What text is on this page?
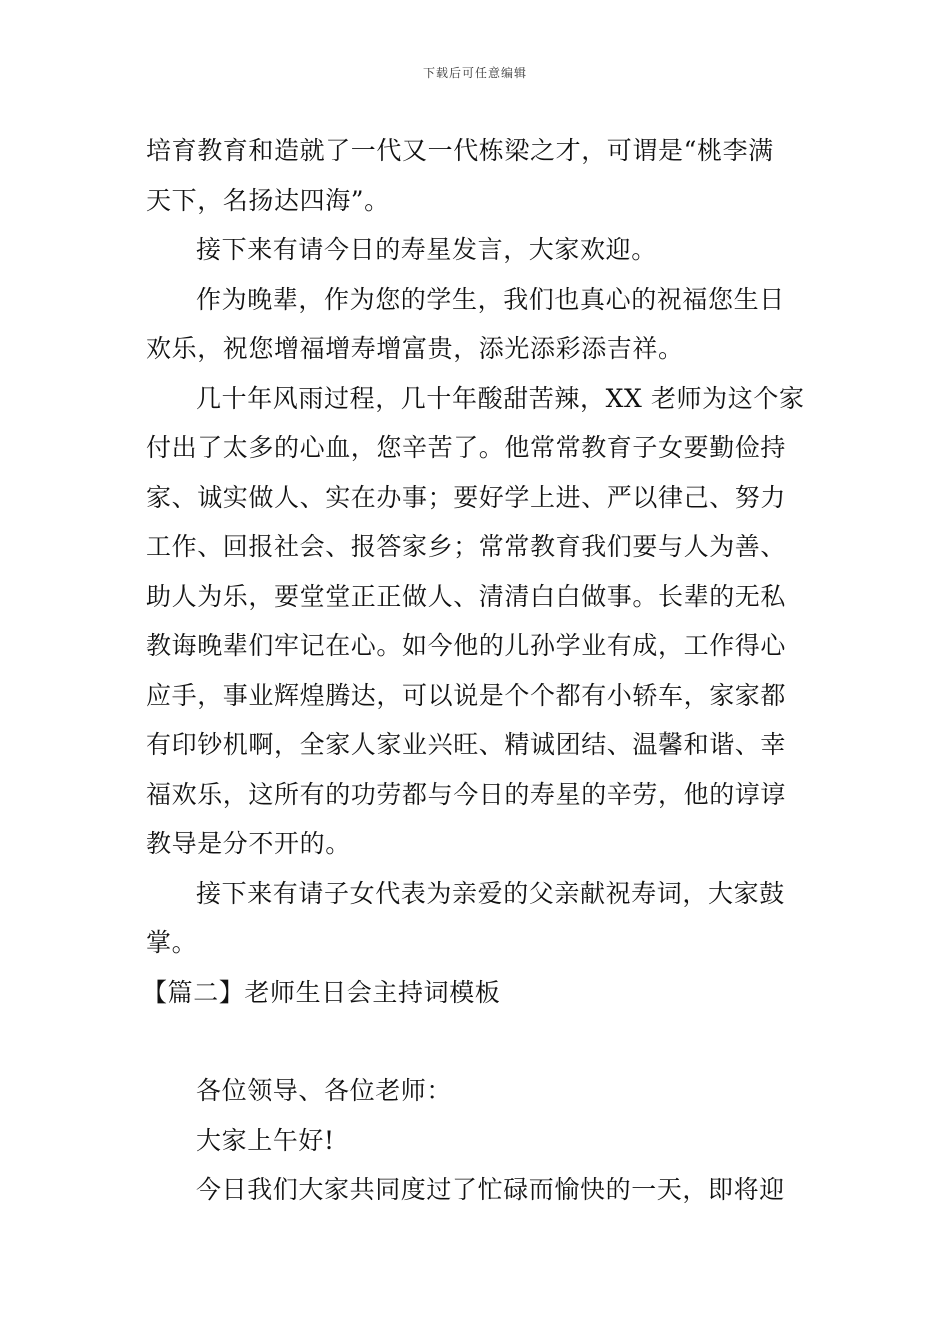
下载后可任意编辑
培育教育和造就了一代又一代栋梁之才，可谓是“桃李满
天下，名扬达四海”。
接下来有请今日的寿星发言，大家欢迎。
作为晚辈，作为您的学生，我们也真心的祝福您生日
欢乐，祝您增福增寿增富贵，添光添彩添吉祥。
几十年风雨过程，几十年酸甜苦辣，XX 老师为这个家
付出了太多的心血，您辛苦了。他常常教育子女要勤俭持
家、诚实做人、实在办事；要好学上进、严以律己、努力
工作、回报社会、报答家乡；常常教育我们要与人为善、
助人为乐，要堂堂正正做人、清清白白做事。长辈的无私
教诲晚辈们牢记在心。如今他的儿孙学业有成，工作得心
应手，事业辉煌腾达，可以说是个个都有小轿车，家家都
有印钞机啊，全家人家业兴旺、精诚团结、温馨和谐、幸
福欢乐，这所有的功劳都与今日的寿星的辛劳，他的谆谆
教导是分不开的。
接下来有请子女代表为亲爱的父亲献祝寿词，大家鼓
掌。
【篇二】老师生日会主持词模板
各位领导、各位老师：
大家上午好!
今日我们大家共同度过了忙碌而愉快的一天，即将迎
